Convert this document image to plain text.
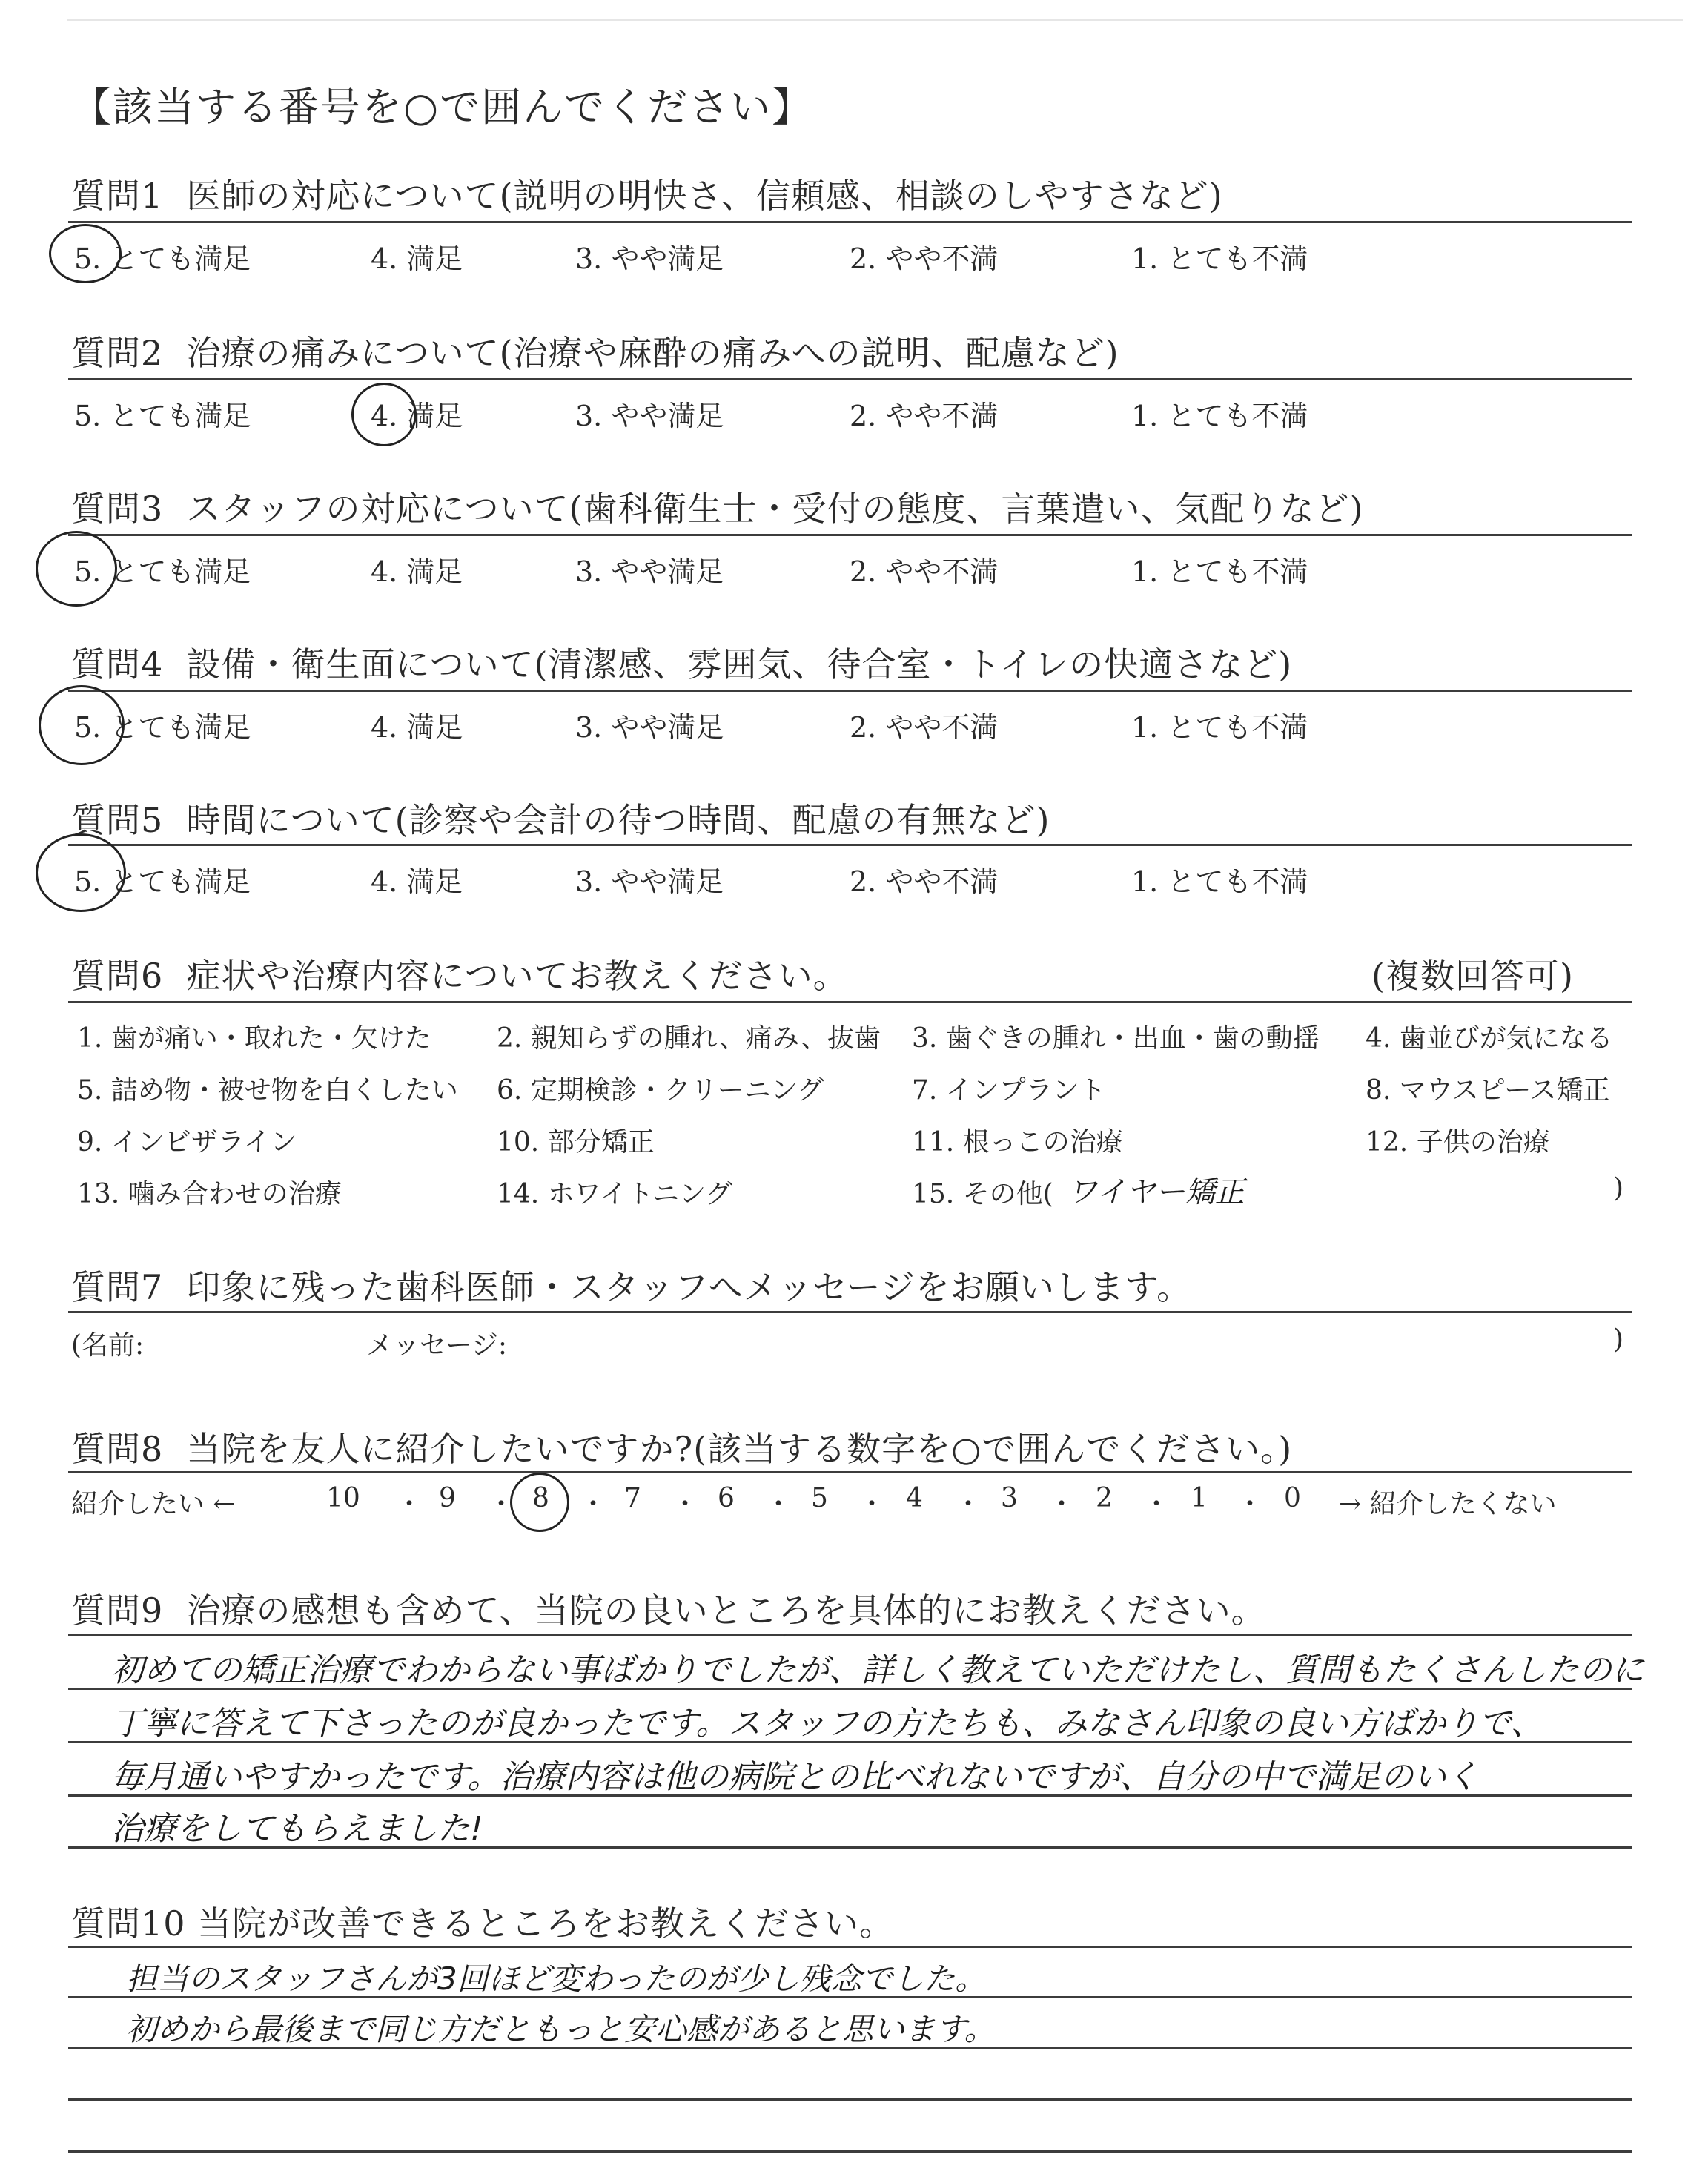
【該当する番号を○で囲んでください】
質問1 医師の対応について(説明の明快さ、信頼感、相談のしやすさなど)
5. とても満足	4. 満足	3. やや満足	2. やや不満	1. とても不満
質問2 治療の痛みについて(治療や麻酔の痛みへの説明、配慮など)
5. とても満足	4. 満足	3. やや満足	2. やや不満	1. とても不満
質問3 スタッフの対応について(歯科衛生士・受付の態度、言葉遣い、気配りなど)
5. とても満足	4. 満足	3. やや満足	2. やや不満	1. とても不満
質問4 設備・衛生面について(清潔感、雰囲気、待合室・トイレの快適さなど)
5. とても満足	4. 満足	3. やや満足	2. やや不満	1. とても不満
質問5 時間について(診察や会計の待つ時間、配慮の有無など)
5. とても満足	4. 満足	3. やや満足	2. やや不満	1. とても不満
質問6 症状や治療内容についてお教えください。	(複数回答可)
1. 歯が痛い・取れた・欠けた 2. 親知らずの腫れ、痛み、抜歯 3. 歯ぐきの腫れ・出血・歯の動揺 4. 歯並びが気になる
5. 詰め物・被せ物を白くしたい 6. 定期検診・クリーニング	7. インプラント	8. マウスピース矯正
9. インビザライン	10. 部分矯正	11. 根っこの治療	12. 子供の治療
13. 噛み合わせの治療	14. ホワイトニング	15. その他( ワイヤー矯正	)
質問7 印象に残った歯科医師・スタッフへメッセージをお願いします。
(名前:	メッセージ:	)
質問8 当院を友人に紹介したいですか?(該当する数字を○で囲んでください。)
紹介したい ←	10 ・ 9 ・ 8 ・ 7 ・ 6 ・ 5 ・ 4 ・ 3 ・ 2 ・ 1 ・ 0 → 紹介したくない
質問9 治療の感想も含めて、当院の良いところを具体的にお教えください。
初めての矯正治療でわからない事ばかりでしたが、詳しく教えていただけたし、質問もたくさんしたのに
丁寧に答えて下さったのが良かったです。スタッフの方たちも、みなさん印象の良い方ばかりで、
毎月通いやすかったです。治療内容は他の病院との比べれないですが、自分の中で満足のいく
治療をしてもらえました!
質問10 当院が改善できるところをお教えください。
担当のスタッフさんが3回ほど変わったのが少し残念でした。
初めから最後まで同じ方だともっと安心感があると思います。
